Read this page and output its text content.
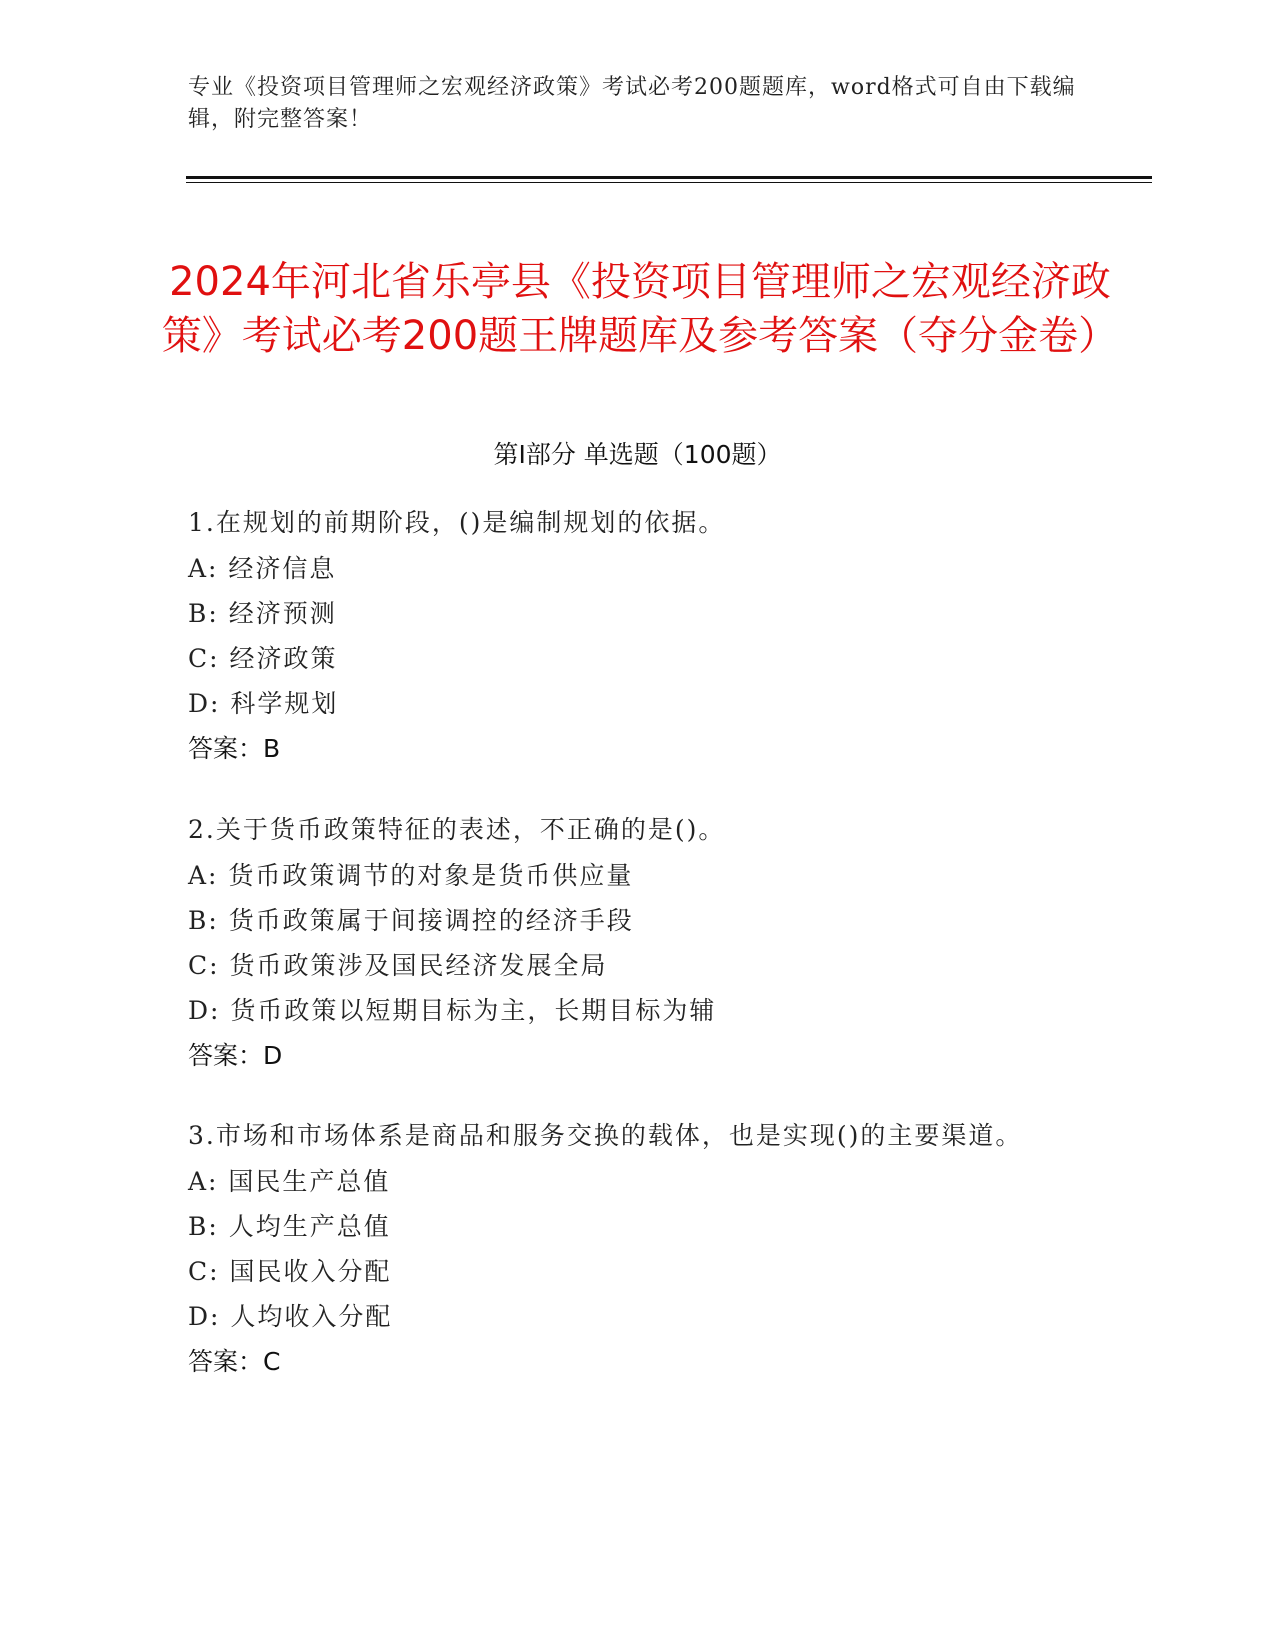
专业《投资项目管理师之宏观经济政策》考试必考200题题库，word格式可自由下载编辑，附完整答案！
2024年河北省乐亭县《投资项目管理师之宏观经济政策》考试必考200题王牌题库及参考答案（夺分金卷）
第I部分 单选题（100题）

1.在规划的前期阶段，()是编制规划的依据。

A: 经济信息

B: 经济预测

C: 经济政策

D: 科学规划

答案：B

2.关于货币政策特征的表述，不正确的是()。

A: 货币政策调节的对象是货币供应量

B: 货币政策属于间接调控的经济手段

C: 货币政策涉及国民经济发展全局

D: 货币政策以短期目标为主，长期目标为辅

答案：D

3.市场和市场体系是商品和服务交换的载体，也是实现()的主要渠道。

A: 国民生产总值

B: 人均生产总值

C: 国民收入分配

D: 人均收入分配

答案：C
